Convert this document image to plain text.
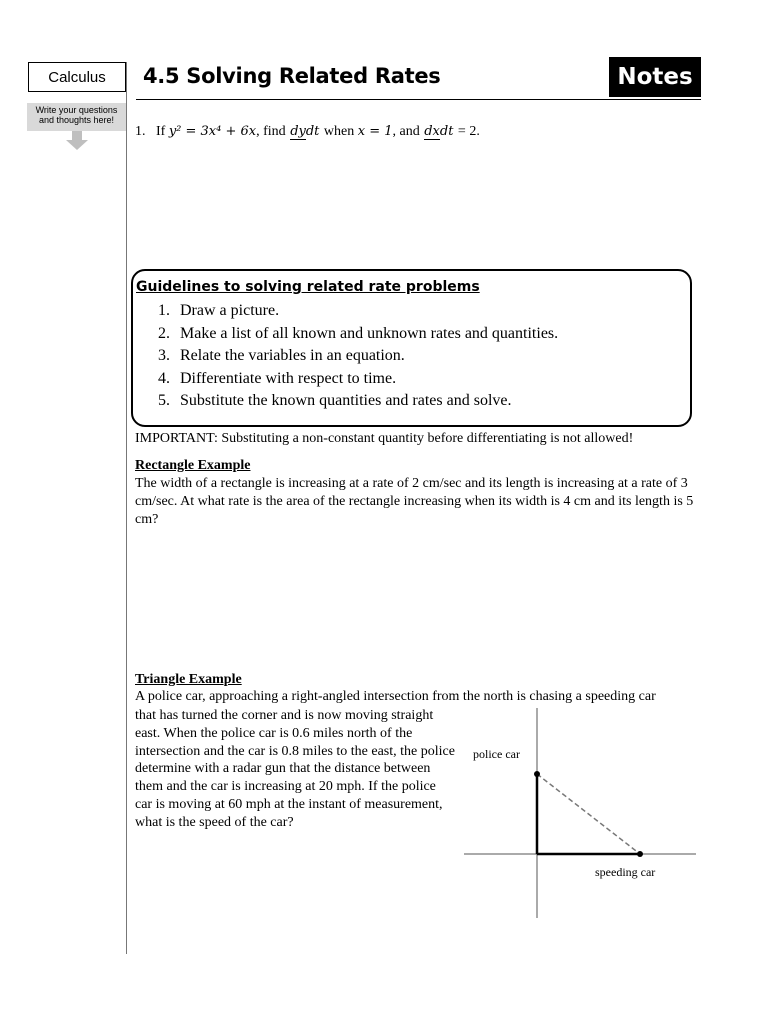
Calculus	4.5 Solving Related Rates	Notes
Write your questions
and thoughts here!
1. If y² = 3x⁴ + 6x, find dydt when x = 1, and dxdt = 2.
Guidelines to solving related rate problems
1. Draw a picture.
2. Make a list of all known and unknown rates and quantities.
3. Relate the variables in an equation.
4. Differentiate with respect to time.
5. Substitute the known quantities and rates and solve.
IMPORTANT: Substituting a non-constant quantity before differentiating is not allowed!
Rectangle Example
The width of a rectangle is increasing at a rate of 2 cm/sec and its length is increasing at a rate of 3 cm/sec. At what rate is the area of the rectangle increasing when its width is 4 cm and its length is 5 cm?
Triangle Example
A police car, approaching a right-angled intersection from the north is chasing a speeding car
that has turned the corner and is now moving straight east. When the police car is 0.6 miles north of the intersection and the car is 0.8 miles to the east, the police determine with a radar gun that the distance between them and the car is increasing at 20 mph. If the police car is moving at 60 mph at the instant of measurement, what is the speed of the car?
police car
speeding car
